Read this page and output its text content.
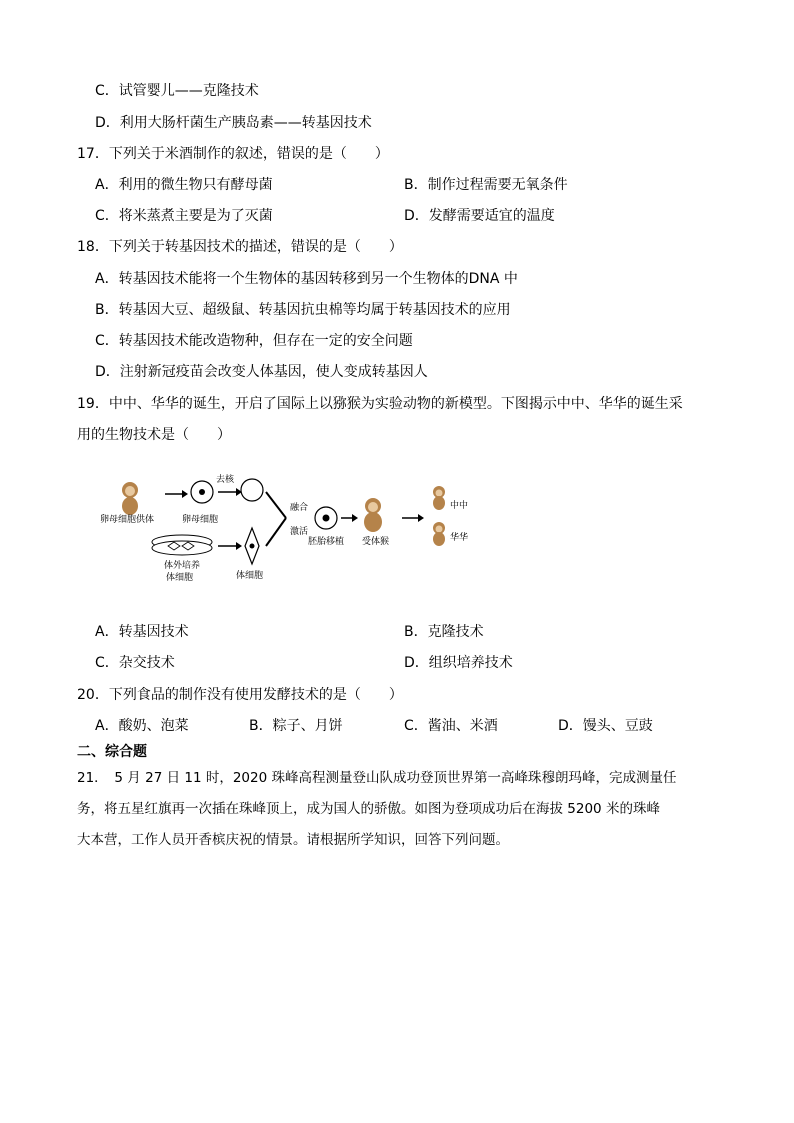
C．试管婴儿——克隆技术
D．利用大肠杆菌生产胰岛素——转基因技术
17．下列关于米酒制作的叙述，错误的是（　　）
A．利用的微生物只有酵母菌	B．制作过程需要无氧条件
C．将米蒸煮主要是为了灭菌	D．发酵需要适宜的温度
18．下列关于转基因技术的描述，错误的是（　　）
A．转基因技术能将一个生物体的基因转移到另一个生物体的DNA 中
B．转基因大豆、超级鼠、转基因抗虫棉等均属于转基因技术的应用
C．转基因技术能改造物种，但存在一定的安全问题
D．注射新冠疫苗会改变人体基因，使人变成转基因人
19．中中、华华的诞生，开启了国际上以猕猴为实验动物的新模型。下图揭示中中、华华的诞生采
用的生物技术是（　　）
卵母细胞供体	卵母细胞
去核
体外培养
体细胞	体细胞
融合
激活
胚胎移植 受体猴
中中
华华
A．转基因技术	B．克隆技术
C．杂交技术	D．组织培养技术
20．下列食品的制作没有使用发酵技术的是（　　）
A．酸奶、泡菜	B．粽子、月饼	C．酱油、米酒	D．馒头、豆豉
二、综合题
21．　5 月 27 日 11 时，2020 珠峰高程测量登山队成功登顶世界第一高峰珠穆朗玛峰，完成测量任
务，将五星红旗再一次插在珠峰顶上，成为国人的骄傲。如图为登项成功后在海拔 5200 米的珠峰
大本营，工作人员开香槟庆祝的情景。请根据所学知识，回答下列问题。
